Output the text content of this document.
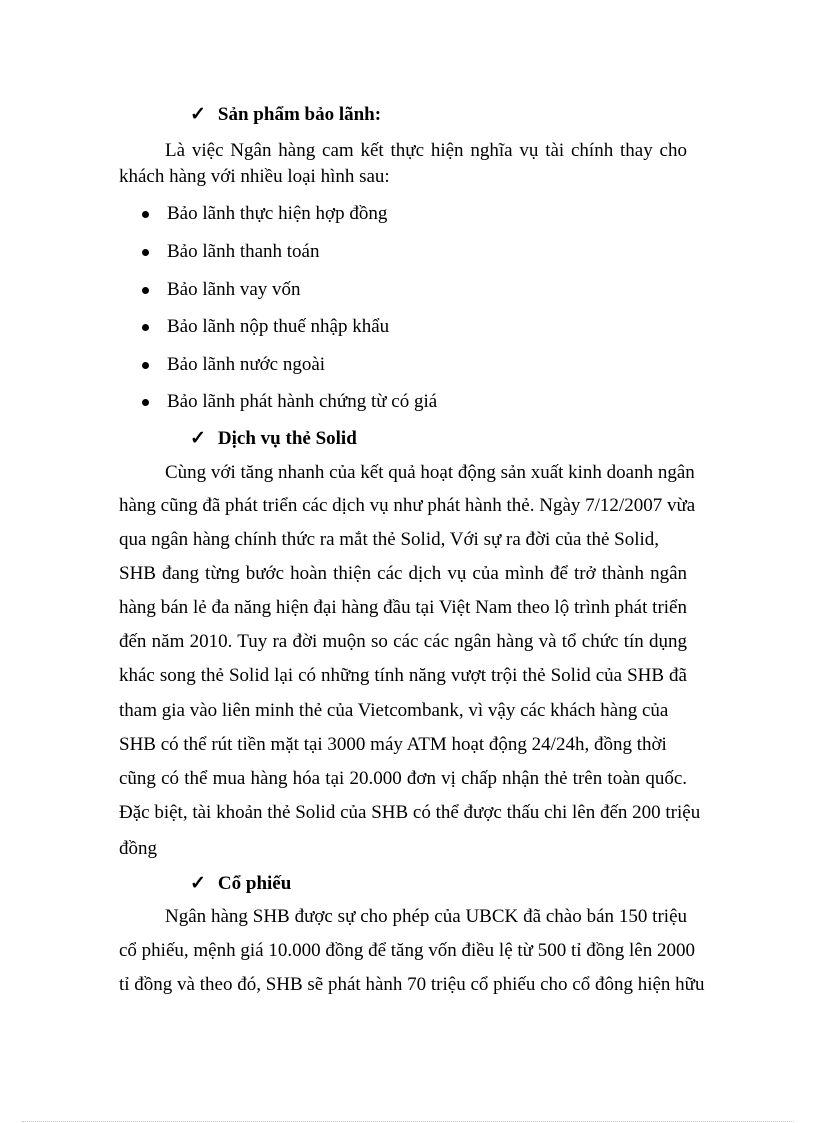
✓ Sản phẩm bảo lãnh:
Là việc Ngân hàng cam kết thực hiện nghĩa vụ tài chính thay cho
khách hàng với nhiều loại hình sau:
Bảo lãnh thực hiện hợp đồng
Bảo lãnh thanh toán
Bảo lãnh vay vốn
Bảo lãnh nộp thuế nhập khẩu
Bảo lãnh nước ngoài
Bảo lãnh phát hành chứng từ có giá
✓ Dịch vụ thẻ Solid
Cùng với tăng nhanh của kết quả hoạt động sản xuất kinh doanh ngân
hàng cũng đã phát triển các dịch vụ như phát hành thẻ. Ngày 7/12/2007 vừa
qua ngân hàng chính thức ra mắt thẻ Solid, Với sự ra đời của thẻ Solid,
SHB đang từng bước hoàn thiện các dịch vụ của mình để trở thành ngân
hàng bán lẻ đa năng hiện đại hàng đầu tại Việt Nam theo lộ trình phát triển
đến năm 2010. Tuy ra đời muộn so các các ngân hàng và tổ chức tín dụng
khác song thẻ Solid lại có những tính năng vượt trội thẻ Solid của SHB đã
tham gia vào liên minh thẻ của Vietcombank, vì vậy các khách hàng của
SHB có thể rút tiền mặt tại 3000 máy ATM hoạt động 24/24h, đồng thời
cũng có thể mua hàng hóa tại 20.000 đơn vị chấp nhận thẻ trên toàn quốc.
Đặc biệt, tài khoản thẻ Solid của SHB có thể được thấu chi lên đến 200 triệu
đồng
✓ Cổ phiếu
Ngân hàng SHB được sự cho phép của UBCK đã chào bán 150 triệu
cổ phiếu, mệnh giá 10.000 đồng để tăng vốn điều lệ từ 500 tỉ đồng lên 2000
tỉ đồng và theo đó, SHB sẽ phát hành 70 triệu cổ phiếu cho cổ đông hiện hữu
